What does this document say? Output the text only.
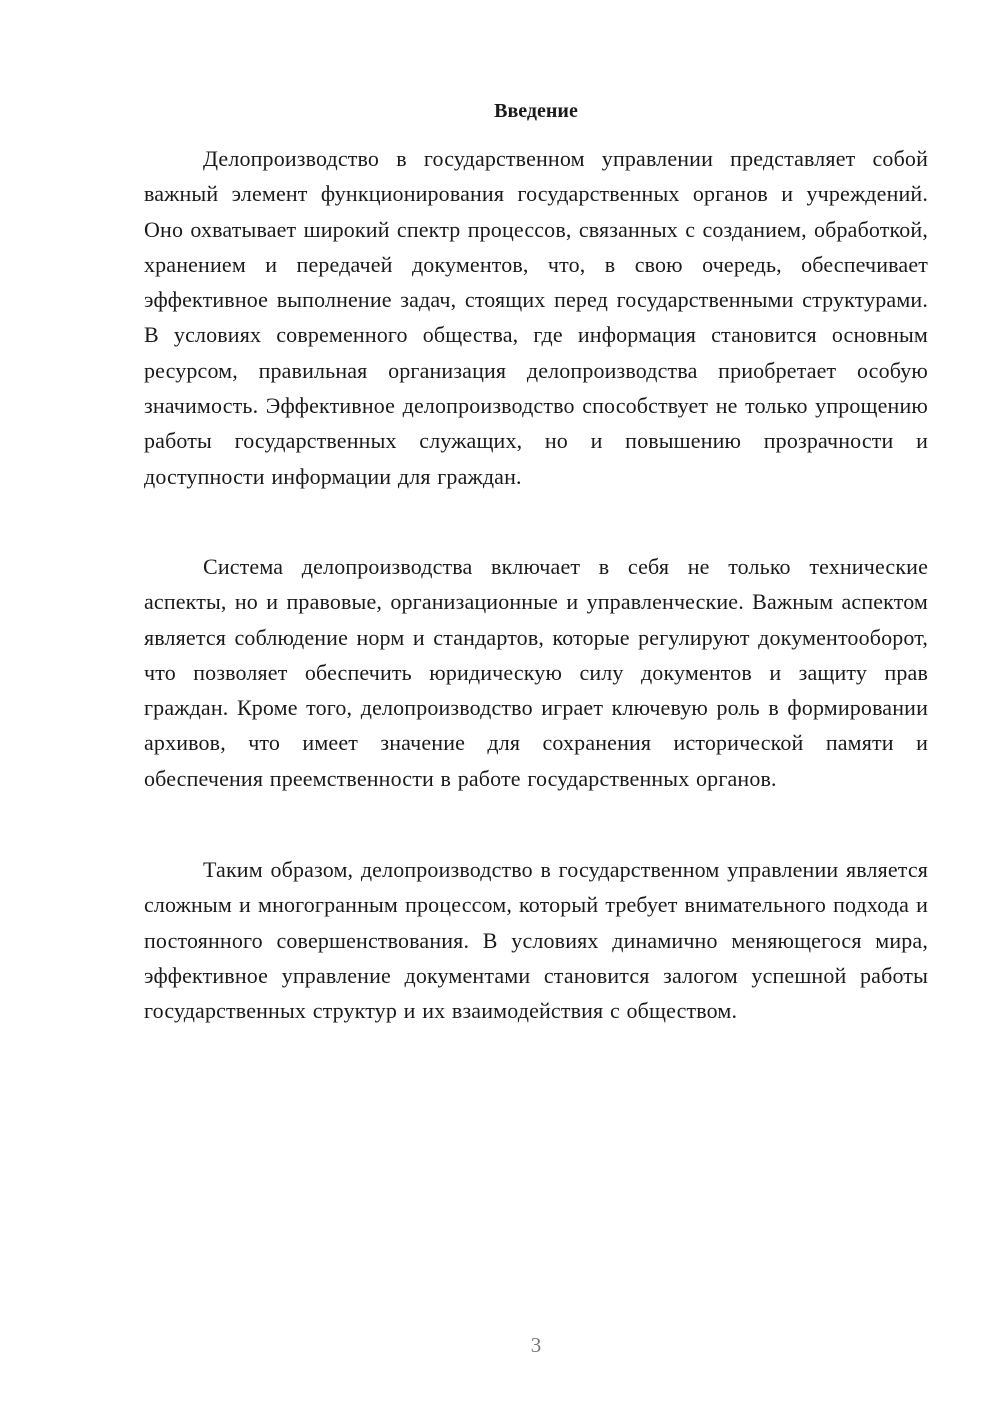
Введение

Делопроизводство в государственном управлении представляет собой важный элемент функционирования государственных органов и учреждений. Оно охватывает широкий спектр процессов, связанных с созданием, обработкой, хранением и передачей документов, что, в свою очередь, обеспечивает эффективное выполнение задач, стоящих перед государственными структурами. В условиях современного общества, где информация становится основным ресурсом, правильная организация делопроизводства приобретает особую значимость. Эффективное делопроизводство способствует не только упрощению работы государственных служащих, но и повышению прозрачности и доступности информации для граждан.

Система делопроизводства включает в себя не только технические аспекты, но и правовые, организационные и управленческие. Важным аспектом является соблюдение норм и стандартов, которые регулируют документооборот, что позволяет обеспечить юридическую силу документов и защиту прав граждан. Кроме того, делопроизводство играет ключевую роль в формировании архивов, что имеет значение для сохранения исторической памяти и обеспечения преемственности в работе государственных органов.

Таким образом, делопроизводство в государственном управлении является сложным и многогранным процессом, который требует внимательного подхода и постоянного совершенствования. В условиях динамично меняющегося мира, эффективное управление документами становится залогом успешной работы государственных структур и их взаимодействия с обществом.

3
